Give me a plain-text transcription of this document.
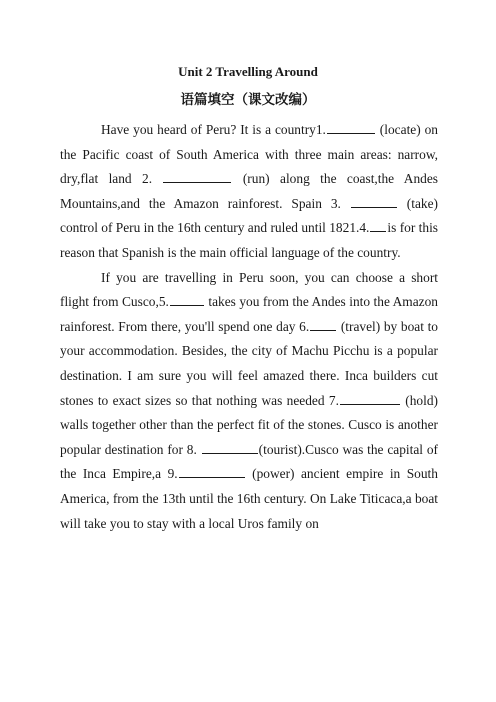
Unit 2 Travelling Around
语篇填空（课文改编）

Have you heard of Peru? It is a country1.	(locate) on the Pacific coast of South America with three main areas: narrow, dry,flat land 2.	(run) along the coast,the Andes Mountains,and the Amazon rainforest. Spain 3.	(take) control of Peru in the 16th century and ruled until 1821.4. is for this reason that Spanish is the main official language of the country.

If you are travelling in Peru soon, you can choose a short flight from Cusco,5.	takes you from the Andes into the Amazon rainforest. From there, you'll spend one day 6. (travel) by boat to your accommodation. Besides, the city of Machu Picchu is a popular destination. I am sure you will feel amazed there. Inca builders cut stones to exact sizes so that nothing was needed 7.	(hold) walls together other than the perfect fit of the stones. Cusco is another popular destination for 8.	(tourist).Cusco was the capital of the Inca Empire,a 9.	(power) ancient empire in South America, from the 13th until the 16th century. On Lake Titicaca,a boat will take you to stay with a local Uros family on
